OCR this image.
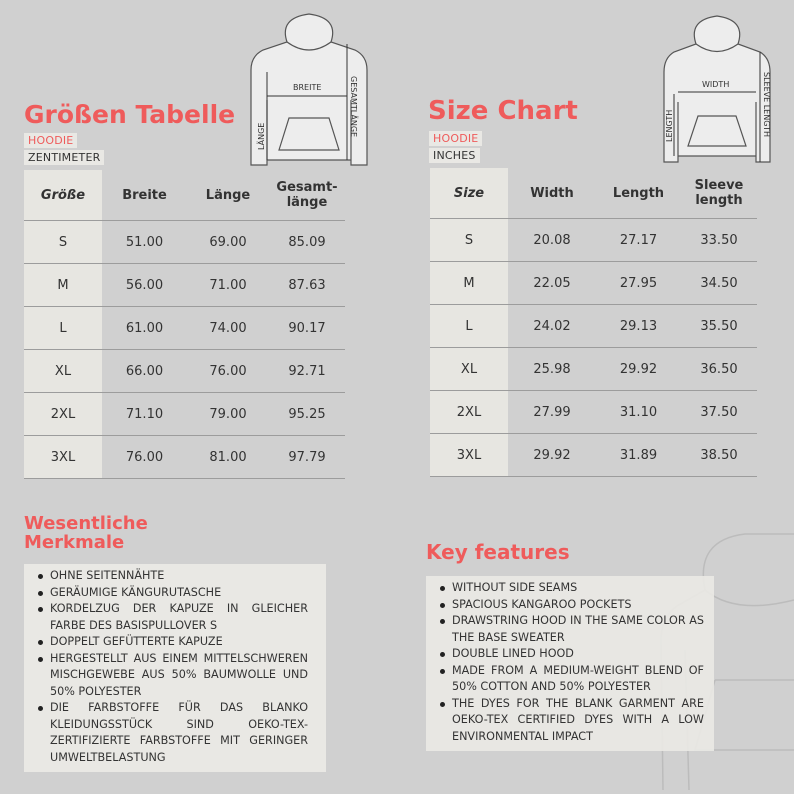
Größen Tabelle
HOODIE
ZENTIMETER
BREITE
LÄNGE	GESAMTLÄNGE
Größe	Breite	Länge	Gesamt-
länge
S	51.00	69.00	85.09
M	56.00	71.00	87.63
L	61.00	74.00	90.17
XL	66.00	76.00	92.71
2XL	71.10	79.00	95.25
3XL	76.00	81.00	97.79
Size Chart
HOODIE
INCHES
WIDTH
LENGTH	SLEEVE LENGTH
Size	Width	Length	Sleeve
length
S	20.08	27.17	33.50
M	22.05	27.95	34.50
L	24.02	29.13	35.50
XL	25.98	29.92	36.50
2XL	27.99	31.10	37.50
3XL	29.92	31.89	38.50
Wesentliche
Merkmale
OHNE SEITENNÄHTE
GERÄUMIGE KÄNGURUTASCHE
KORDELZUG DER KAPUZE IN GLEICHER FARBE DES BASISPULLOVER S
DOPPELT GEFÜTTERTE KAPUZE
HERGESTELLT AUS EINEM MITTELSCHWEREN MISCHGEWEBE AUS 50% BAUMWOLLE UND 50% POLYESTER
DIE FARBSTOFFE FÜR DAS BLANKO KLEIDUNGSSTÜCK SIND OEKO-TEX-ZERTIFIZIERTE FARBSTOFFE MIT GERINGER UMWELTBELASTUNG
Key features
WITHOUT SIDE SEAMS
SPACIOUS KANGAROO POCKETS
DRAWSTRING HOOD IN THE SAME COLOR AS THE BASE SWEATER
DOUBLE LINED HOOD
MADE FROM A MEDIUM-WEIGHT BLEND OF 50% COTTON AND 50% POLYESTER
THE DYES FOR THE BLANK GARMENT ARE OEKO-TEX CERTIFIED DYES WITH A LOW ENVIRONMENTAL IMPACT
